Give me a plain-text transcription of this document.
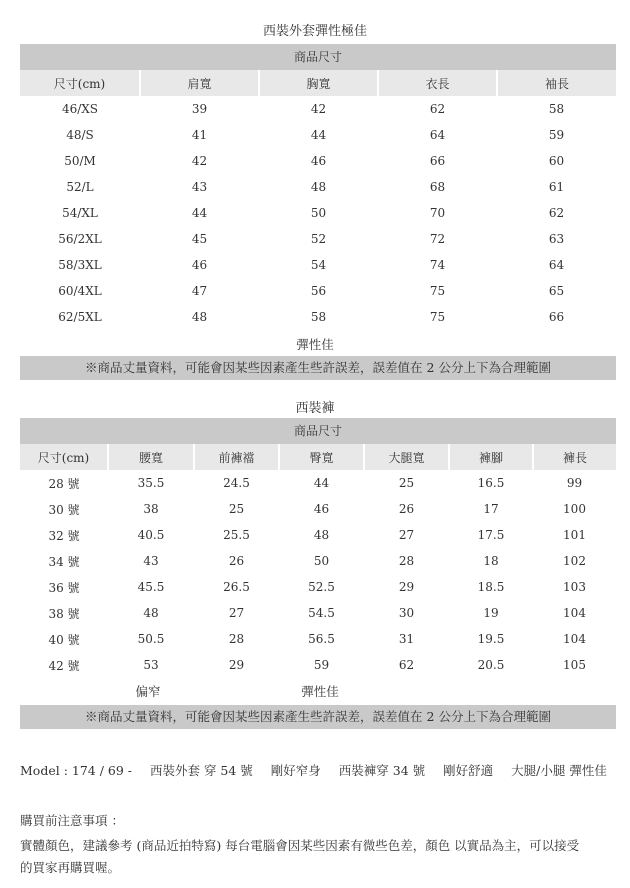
西裝外套彈性極佳
商品尺寸				
尺寸(cm)	肩寬	胸寬	衣長	袖長
46/XS	39	42	62	58
48/S	41	44	64	59
50/M	42	46	66	60
52/L	43	48	68	61
54/XL	44	50	70	62
56/2XL	45	52	72	63
58/3XL	46	54	74	64
60/4XL	47	56	75	65
62/5XL	48	58	75	66
彈性佳
※商品丈量資料，可能會因某些因素產生些許誤差，誤差值在 2 公分上下為合理範圍
西裝褲
商品尺寸						
尺寸(cm)	腰寬	前褲襠	臀寬	大腿寬	褲腳	褲長
28 號	35.5	24.5	44	25	16.5	99
30 號	38	25	46	26	17	100
32 號	40.5	25.5	48	27	17.5	101
34 號	43	26	50	28	18	102
36 號	45.5	26.5	52.5	29	18.5	103
38 號	48	27	54.5	30	19	104
40 號	50.5	28	56.5	31	19.5	104
42 號	53	29	59	62	20.5	105
偏窄	彈性佳
※商品丈量資料，可能會因某些因素產生些許誤差，誤差值在 2 公分上下為合理範圍
Model : 174 / 69 - 西裝外套 穿 54 號 剛好窄身 西裝褲穿 34 號 剛好舒適 大腿/小腿 彈性佳
購買前注意事項 ：
實體顏色，建議參考 (商品近拍特寫) 每台電腦會因某些因素有微些色差，顏色 以實品為主，可以接受
的買家再購買喔。
